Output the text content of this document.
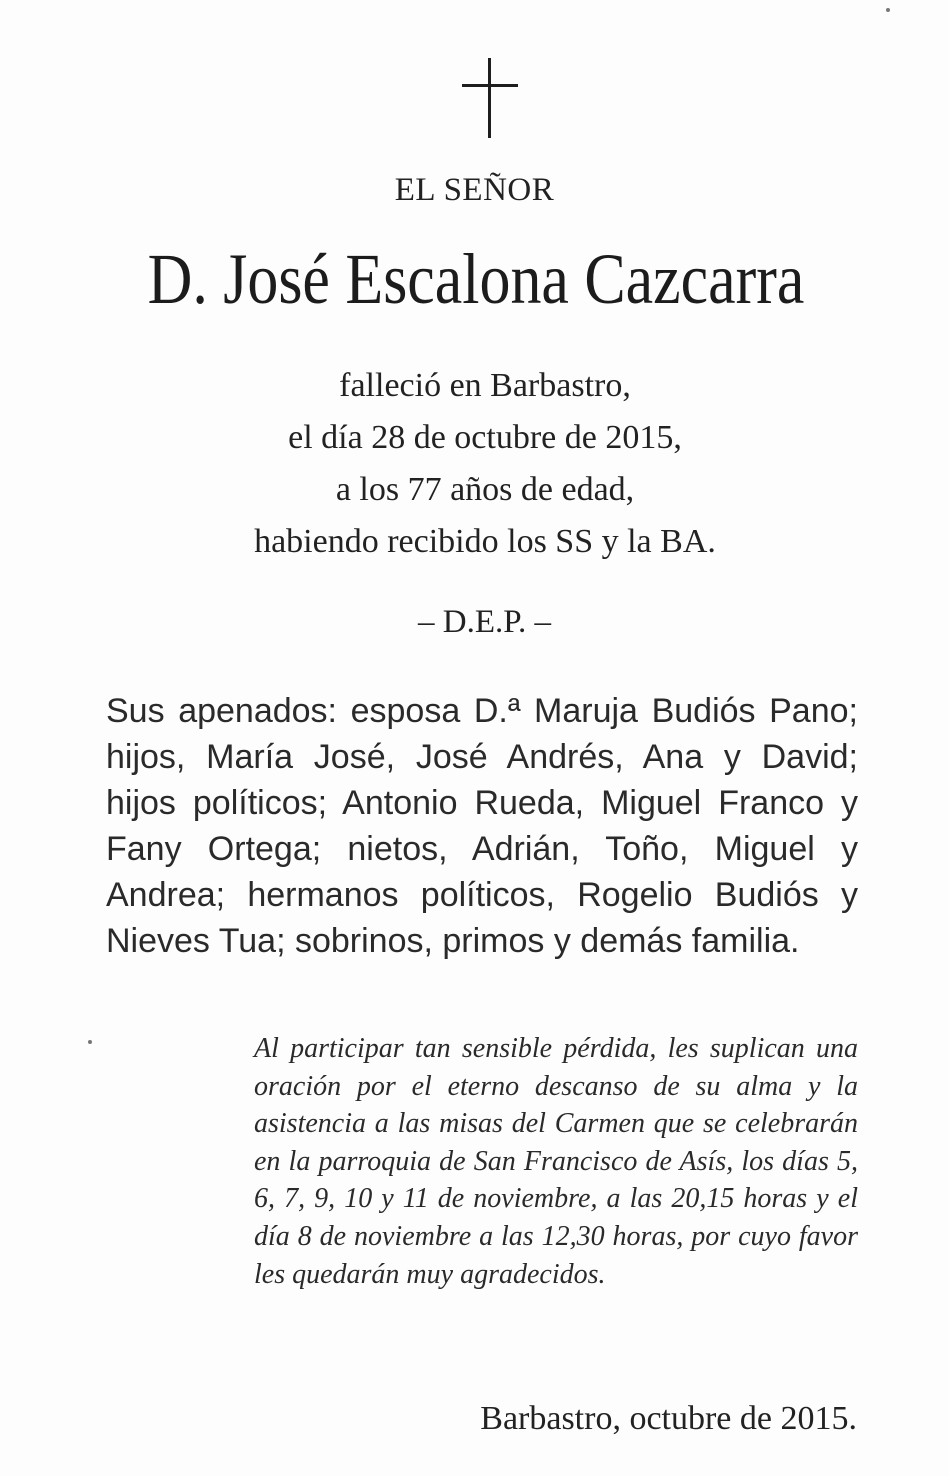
EL SEÑOR
D. José Escalona Cazcarra
falleció en Barbastro,
el día 28 de octubre de 2015,
a los 77 años de edad,
habiendo recibido los SS y la BA.
– D.E.P. –
Sus apenados: esposa D.ª Maruja Budiós Pano; hijos, María José, José Andrés, Ana y David; hijos políticos; Antonio Rueda, Miguel Franco y Fany Ortega; nietos, Adrián, Toño, Miguel y Andrea; hermanos políticos, Rogelio Budiós y Nieves Tua; sobrinos, primos y demás familia.
Al participar tan sensible pérdida, les suplican una oración por el eterno descanso de su alma y la asistencia a las misas del Carmen que se celebrarán en la parroquia de San Francisco de Asís, los días 5, 6, 7, 9, 10 y 11 de noviembre, a las 20,15 horas y el día 8 de noviembre a las 12,30 horas, por cuyo favor les quedarán muy agradecidos.
Barbastro, octubre de 2015.
